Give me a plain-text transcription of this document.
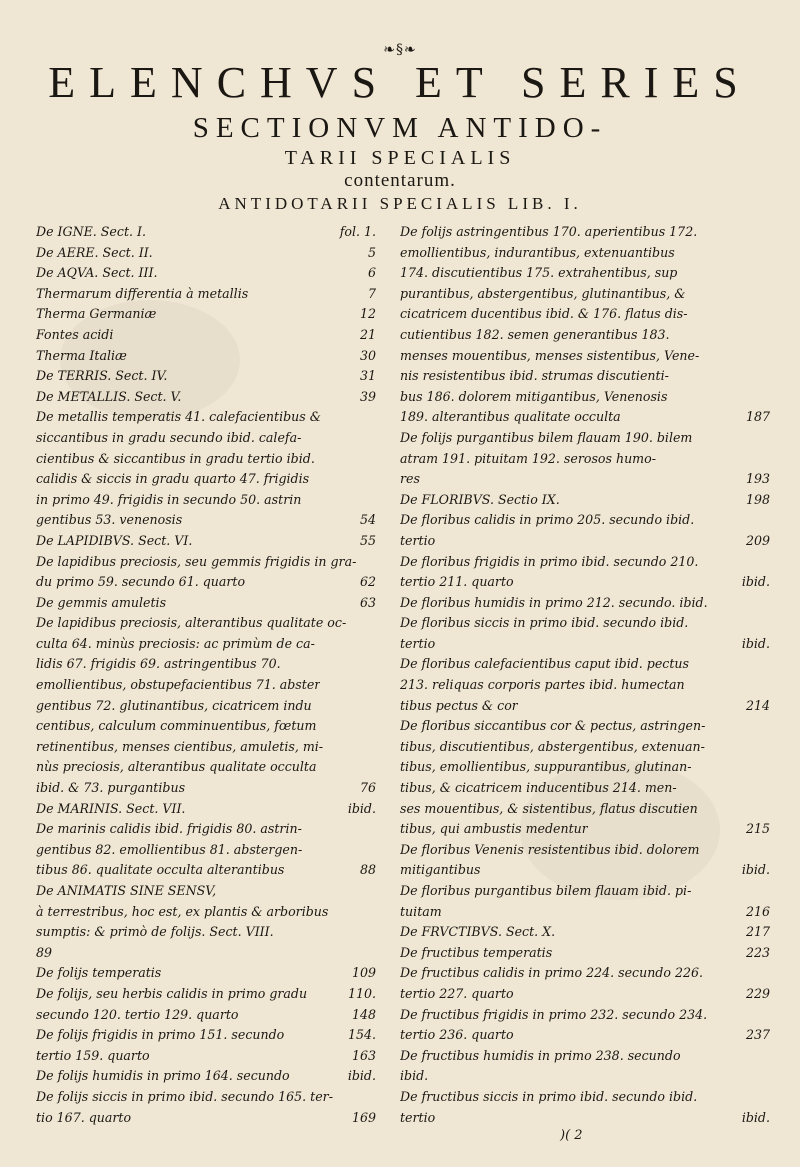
❧§❧
ELENCHVS ET SERIES
SECTIONVM ANTIDO-
TARII SPECIALIS
contentarum.
ANTIDOTARII SPECIALIS LIB. I.
De IGNE. Sect. I.	fol. 1.
De AERE. Sect. II.	5
De AQVA. Sect. III.	6
Thermarum differentia à metallis	7
Therma Germaniæ	12
Fontes acidi	21
Therma Italiæ	30
De TERRIS. Sect. IV.	31
De METALLIS. Sect. V.	39
De metallis temperatis 41. calefacientibus &
siccantibus in gradu secundo ibid. calefa-
cientibus & siccantibus in gradu tertio ibid.
calidis & siccis in gradu quarto 47. frigidis
in primo 49. frigidis in secundo 50. astrin
gentibus 53. venenosis	54
De LAPIDIBVS. Sect. VI.	55
De lapidibus preciosis, seu gemmis frigidis in gra-
du primo 59. secundo 61. quarto	62
De gemmis amuletis	63
De lapidibus preciosis, alterantibus qualitate oc-
culta 64. minùs preciosis: ac primùm de ca-
lidis 67. frigidis 69. astringentibus 70.
emollientibus, obstupefacientibus 71. abster
gentibus 72. glutinantibus, cicatricem indu
centibus, calculum comminuentibus, fœtum
retinentibus, menses cientibus, amuletis, mi-
nùs preciosis, alterantibus qualitate occulta
ibid. & 73. purgantibus	76
De MARINIS. Sect. VII.	ibid.
De marinis calidis ibid. frigidis 80. astrin-
gentibus 82. emollientibus 81. abstergen-
tibus 86. qualitate occulta alterantibus	88
De ANIMATIS SINE SENSV,
à terrestribus, hoc est, ex plantis & arboribus
sumptis: & primò de folijs. Sect. VIII.
89
De folijs temperatis	109
De folijs, seu herbis calidis in primo gradu	110.
secundo 120. tertio 129. quarto	148
De folijs frigidis in primo 151. secundo	154.
tertio 159. quarto	163
De folijs humidis in primo 164. secundo	ibid.
De folijs siccis in primo ibid. secundo 165. ter-
tio 167. quarto	169
De folijs astringentibus 170. aperientibus 172.
emollientibus, indurantibus, extenuantibus
174. discutientibus 175. extrahentibus, sup
purantibus, abstergentibus, glutinantibus, &
cicatricem ducentibus ibid. & 176. flatus dis-
cutientibus 182. semen generantibus 183.
menses mouentibus, menses sistentibus, Vene-
nis resistentibus ibid. strumas discutienti-
bus 186. dolorem mitigantibus, Venenosis
189. alterantibus qualitate occulta	187
De folijs purgantibus bilem flauam 190. bilem
atram 191. pituitam 192. serosos humo-
res	193
De FLORIBVS. Sectio IX.	198
De floribus calidis in primo 205. secundo ibid.
tertio	209
De floribus frigidis in primo ibid. secundo 210.
tertio 211. quarto	ibid.
De floribus humidis in primo 212. secundo. ibid.
De floribus siccis in primo ibid. secundo ibid.
tertio	ibid.
De floribus calefacientibus caput ibid. pectus
213. reliquas corporis partes ibid. humectan
tibus pectus & cor	214
De floribus siccantibus cor & pectus, astringen-
tibus, discutientibus, abstergentibus, extenuan-
tibus, emollientibus, suppurantibus, glutinan-
tibus, & cicatricem inducentibus 214. men-
ses mouentibus, & sistentibus, flatus discutien
tibus, qui ambustis medentur	215
De floribus Venenis resistentibus ibid. dolorem
mitigantibus	ibid.
De floribus purgantibus bilem flauam ibid. pi-
tuitam	216
De FRVCTIBVS. Sect. X.	217
De fructibus temperatis	223
De fructibus calidis in primo 224. secundo 226.
tertio 227. quarto	229
De fructibus frigidis in primo 232. secundo 234.
tertio 236. quarto	237
De fructibus humidis in primo 238. secundo
ibid.
De fructibus siccis in primo ibid. secundo ibid.
tertio	ibid.
)( 2
